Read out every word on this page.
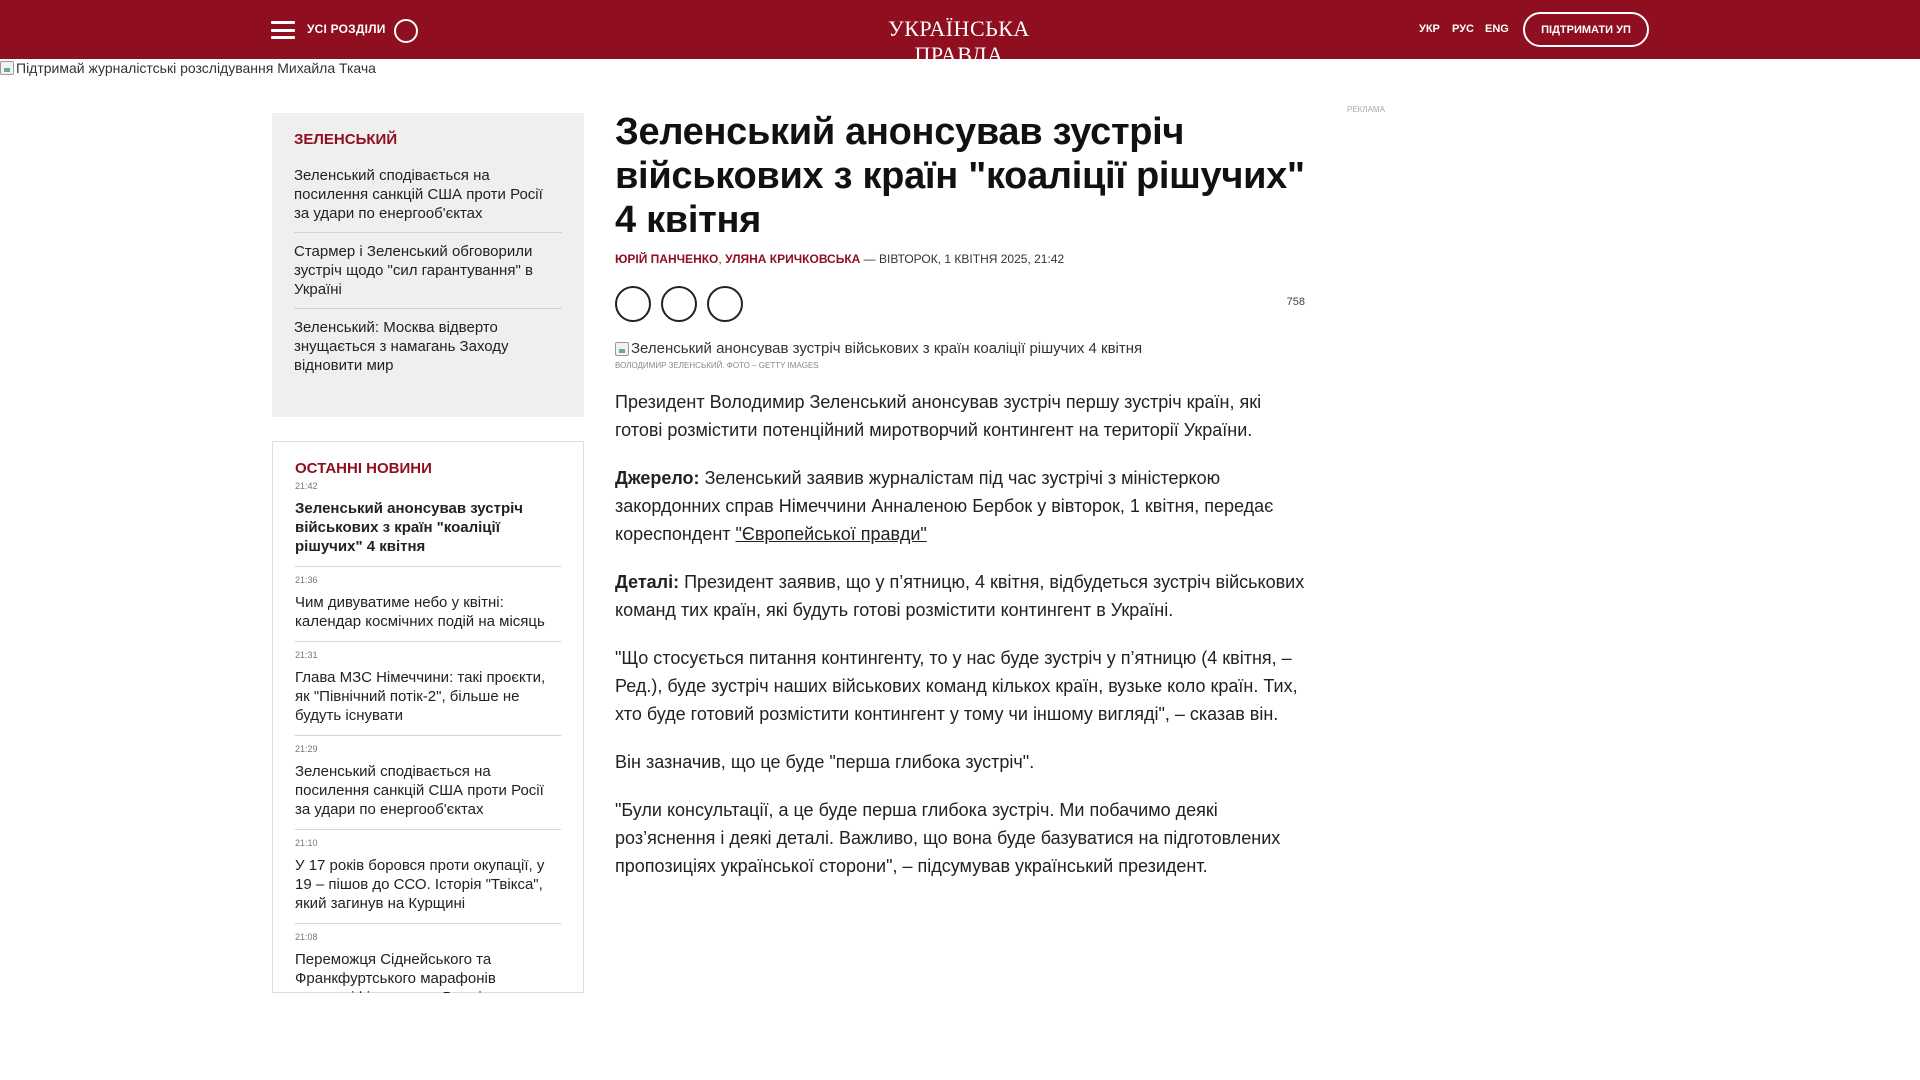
УСІ РОЗДІЛИ	УКРАЇНСЬКА ПРАВДА
УКР РУС ENG	ПІДТРИМАТИ УП
Підтримай журналістські розслідування Михайла Ткача
ЗЕЛЕНСЬКИЙ
Зеленський сподівається на посилення санкцій США проти Росії за удари по енергооб'єктах
Стармер і Зеленський обговорили зустріч щодо "сил гарантування" в Україні
Зеленський: Москва відверто знущається з намагань Заходу відновити мир
ОСТАННІ НОВИНИ
21:42
Зеленський анонсував зустріч військових з країн "коаліції рішучих" 4 квітня
21:36
Чим дивуватиме небо у квітні: календар космічних подій на місяць
21:31
Глава МЗС Німеччини: такі проєкти, як "Північний потік-2", більше не будуть існувати
21:29
Зеленський сподівається на посилення санкцій США проти Росії за удари по енергооб'єктах
21:10
У 17 років боровся проти окупації, у 19 – пішов до ССО. Історія "Твікса", який загинув на Курщині
21:08
Переможця Сіднейського та Франкфуртського марафонів
Зеленський анонсував зустріч військових з країн "коаліції рішучих" 4 квітня
ЮРІЙ ПАНЧЕНКО, УЛЯНА КРИЧКОВСЬКА — ВІВТОРОК, 1 КВІТНЯ 2025, 21:42
758
Зеленський анонсував зустріч військових з країн коаліції рішучих 4 квітня
ВОЛОДИМИР ЗЕЛЕНСЬКИЙ. ФОТО – GETTY IMAGES

Президент Володимир Зеленський анонсував зустріч першу зустріч країн, які готові розмістити потенційний миротворчий контингент на території України.

Джерело: Зеленський заявив журналістам під час зустрічі з міністеркою закордонних справ Німеччини Анналеною Бербок у вівторок, 1 квітня, передає кореспондент "Європейської правди"

Деталі: Президент заявив, що у п’ятницю, 4 квітня, відбудеться зустріч військових команд тих країн, які будуть готові розмістити контингент в Україні.

"Що стосується питання контингенту, то у нас буде зустріч у п’ятницю (4 квітня, – Ред.), буде зустріч наших військових команд кількох країн, вузьке коло країн. Тих, хто буде готовий розмістити контингент у тому чи іншому вигляді", – сказав він.

Він зазначив, що це буде "перша глибока зустріч".

"Були консультації, а це буде перша глибока зустріч. Ми побачимо деякі роз’яснення і деякі деталі. Важливо, що вона буде базуватися на підготовлених пропозиціях української сторони", – підсумував український президент.

РЕКЛАМА
